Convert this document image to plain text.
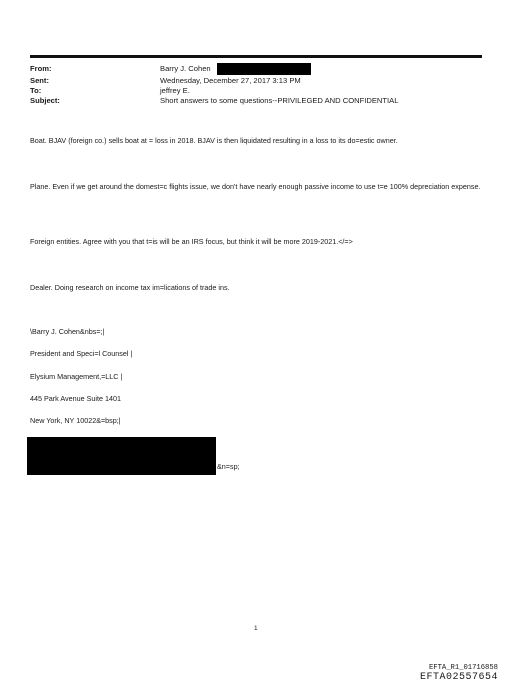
From:	Barry J. Cohen
Sent:	Wednesday, December 27, 2017 3:13 PM
To:	jeffrey E.
Subject:	Short answers to some questions--PRIVILEGED AND CONFIDENTIAL
Boat. BJAV (foreign co.) sells boat at = loss in 2018. BJAV is then liquidated resulting in a loss to its do=estic owner.
Plane. Even if we get around the domest=c flights issue, we don't have nearly enough passive income to use t=e 100% depreciation expense.
Foreign entities. Agree with you that t=is will be an IRS focus, but think it will be more 2019-2021.</=>
Dealer. Doing research on income tax im=lications of trade ins.
\Barry J. Cohen&nbs=;|
President and Speci=l Counsel |
Elysium Management,=LLC |
445 Park Avenue Suite 1401
New York, NY 10022&=bsp;|
&n=sp;
1
EFTA_R1_01716858
EFTA02557654
